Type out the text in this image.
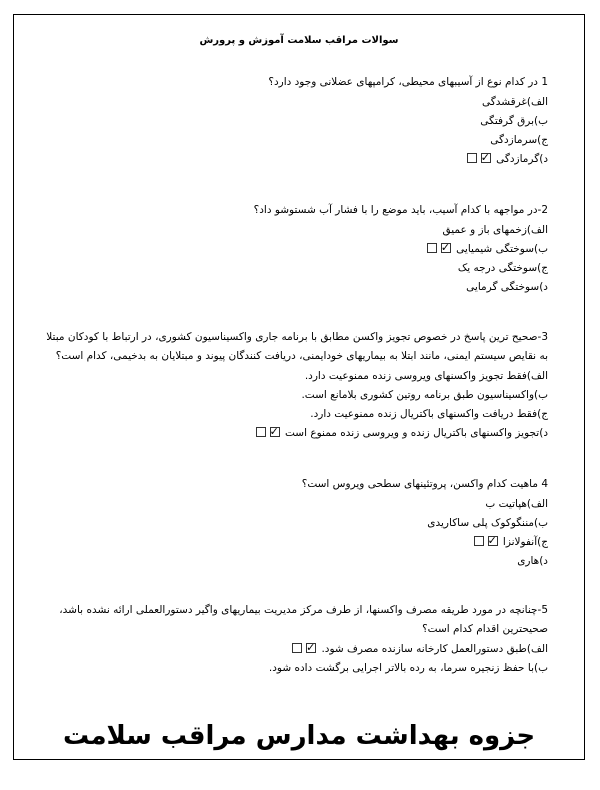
سوالات مراقب سلامت آموزش و پرورش
1 در کدام نوع از آسیبهای محیطی، کرامپهای عضلانی وجود دارد؟
الف)غرقشدگی
ب)برق گرفتگی
ج)سرمازدگی
د)گرمازدگی ✓
2-در مواجهه با کدام آسیب، باید موضع را با فشار آب شستوشو داد؟
الف)زخمهای باز و عمیق
ب)سوختگی شیمیایی ✓
ج)سوختگی درجه یک
د)سوختگی گرمایی
3-صحیح ترین پاسخ در خصوص تجویز واکسن مطابق با برنامه جاری واکسیناسیون کشوری، در ارتباط با کودکان مبتلا به نقایص سیستم ایمنی، مانند ابتلا به بیماریهای خودایمنی، دریافت کنندگان پیوند و مبتلایان به بدخیمی، کدام است؟
الف)فقط تجویز واکسنهای ویروسی زنده ممنوعیت دارد.
ب)واکسیناسیون طبق برنامه روتین کشوری بلامانع است.
ج)فقط دریافت واکسنهای باکتریال زنده ممنوعیت دارد.
د)تجویز واکسنهای باکتریال زنده و ویروسی زنده ممنوع است ✓
4 ماهیت کدام واکسن، پروتئینهای سطحی ویروس است؟
الف)هپاتیت ب
ب)مننگوکوک پلی ساکاریدی
ج)آنفولانزا ✓
د)هاری
5-چنانچه در مورد طریقه مصرف واکسنها، از طرف مرکز مدیریت بیماریهای واگیر دستورالعملی ارائه نشده باشد، صحیحترین اقدام کدام است؟
الف)طبق دستورالعمل کارخانه سازنده مصرف شود. ✓
ب)با حفظ زنجیره سرما، به رده بالاتر اجرایی برگشت داده شود.
جزوه بهداشت مدارس مراقب سلامت
